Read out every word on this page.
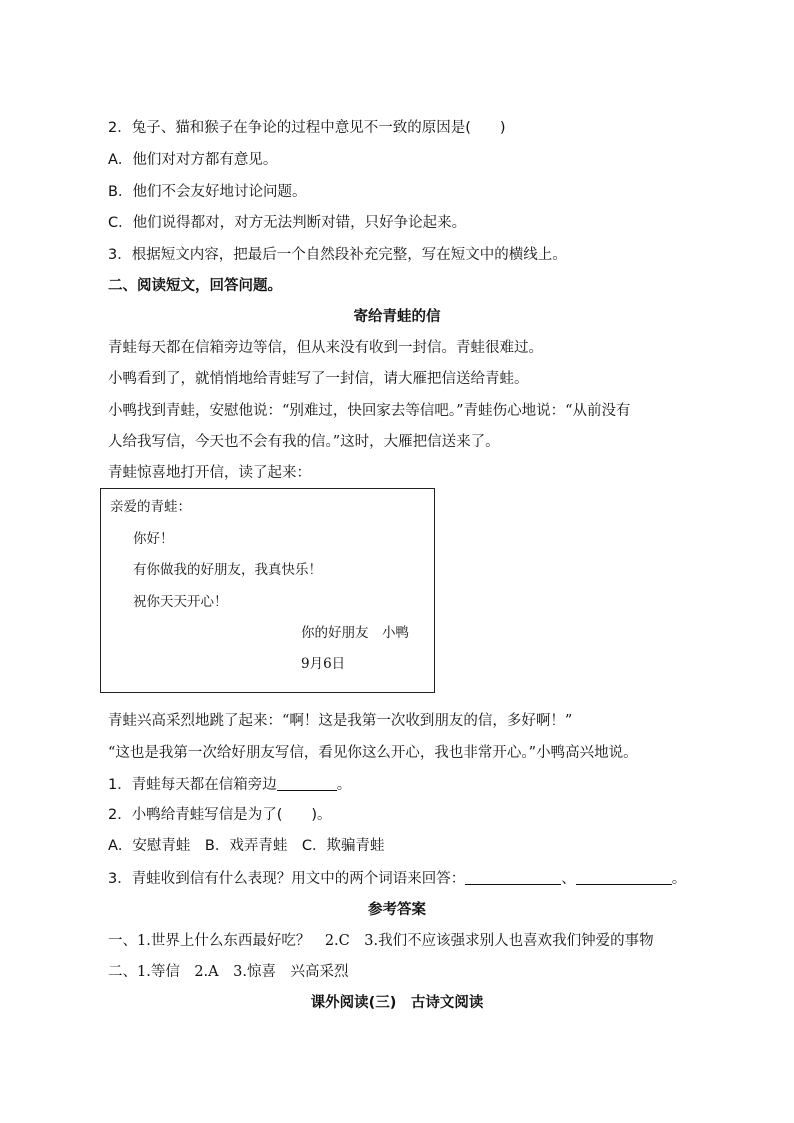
2．兔子、猫和猴子在争论的过程中意见不一致的原因是(　　)

A．他们对对方都有意见。

B．他们不会友好地讨论问题。

C．他们说得都对，对方无法判断对错，只好争论起来。

3．根据短文内容，把最后一个自然段补充完整，写在短文中的横线上。

二、阅读短文，回答问题。

寄给青蛙的信

青蛙每天都在信箱旁边等信，但从来没有收到一封信。青蛙很难过。

小鸭看到了，就悄悄地给青蛙写了一封信，请大雁把信送给青蛙。

小鸭找到青蛙，安慰他说：“别难过，快回家去等信吧。”青蛙伤心地说：“从前没有

人给我写信，今天也不会有我的信。”这时，大雁把信送来了。

青蛙惊喜地打开信，读了起来：

亲爱的青蛙：
你好！
有你做我的好朋友，我真快乐！
祝你天天开心！
你的好朋友　小鸭
9月6日

青蛙兴高采烈地跳了起来：“啊！这是我第一次收到朋友的信，多好啊！”

“这也是我第一次给好朋友写信，看见你这么开心，我也非常开心。”小鸭高兴地说。

1．青蛙每天都在信箱旁边	。

2．小鸭给青蛙写信是为了(　　)。

A．安慰青蛙　B．戏弄青蛙　C．欺骗青蛙

3．青蛙收到信有什么表现？用文中的两个词语来回答：	、	。

参考答案

一、1.世界上什么东西最好吃？　2.C　3.我们不应该强求别人也喜欢我们钟爱的事物

二、1.等信　2.A　3.惊喜　兴高采烈

课外阅读(三)　古诗文阅读
